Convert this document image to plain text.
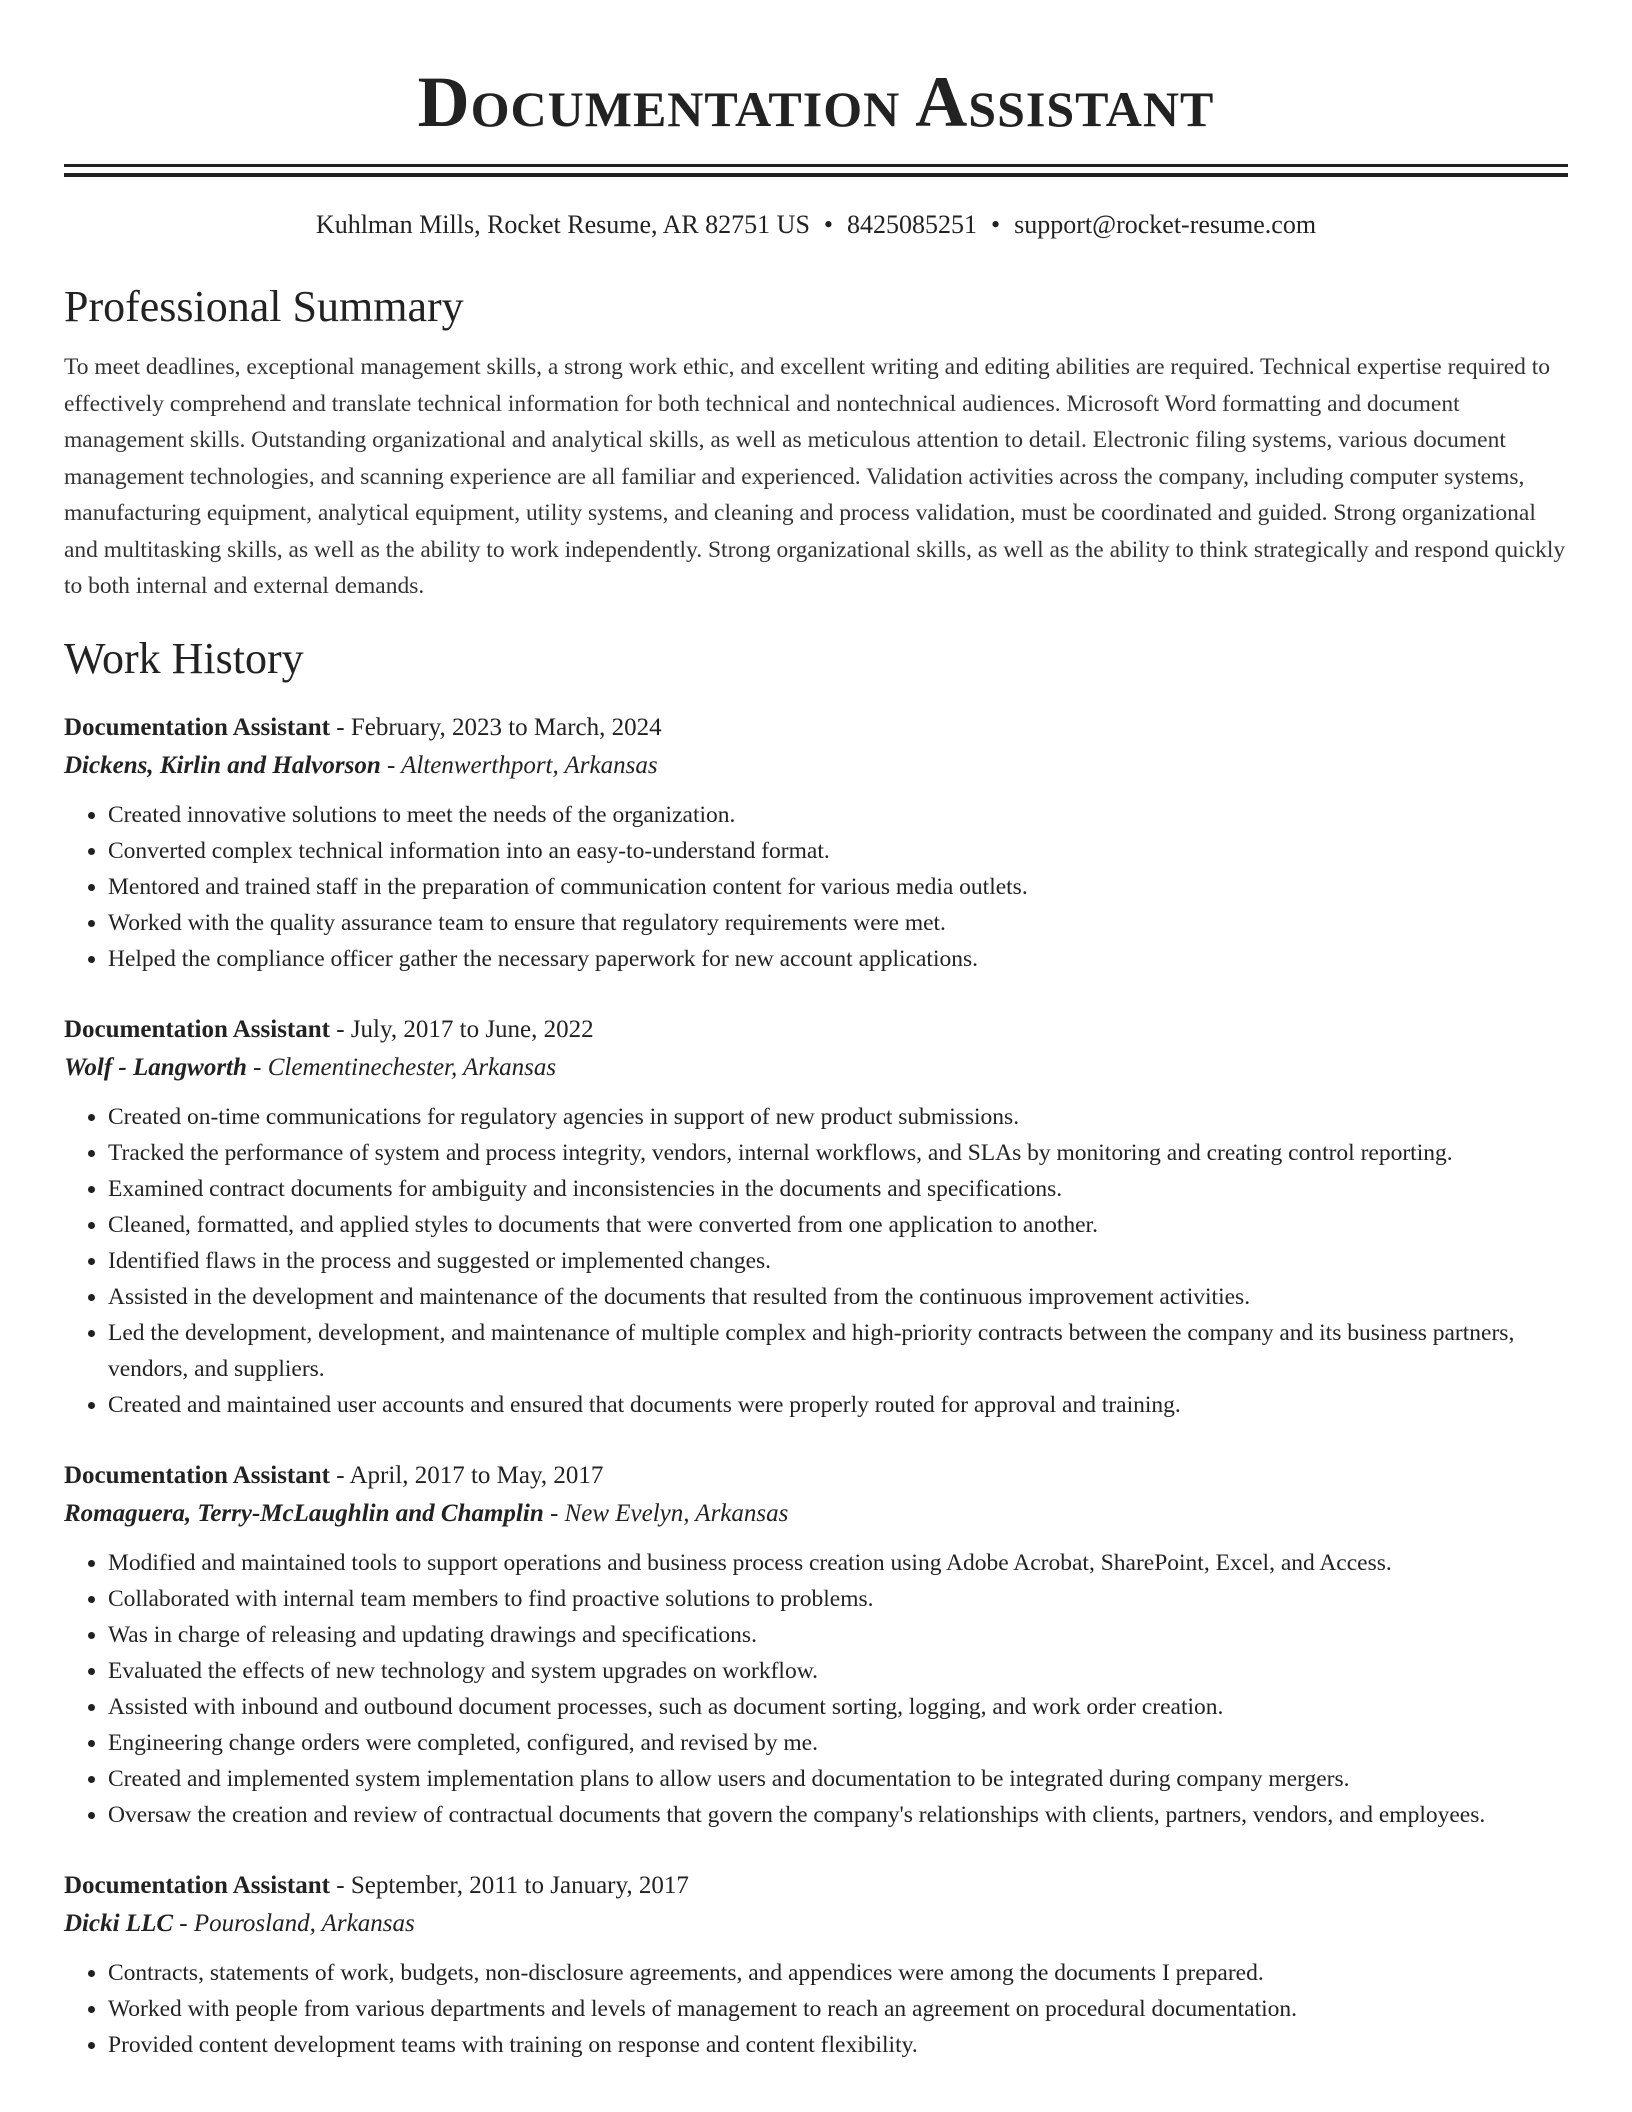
Documentation Assistant
Kuhlman Mills, Rocket Resume, AR 82751 US • 8425085251 • support@rocket-resume.com
Professional Summary
To meet deadlines, exceptional management skills, a strong work ethic, and excellent writing and editing abilities are required. Technical expertise required to effectively comprehend and translate technical information for both technical and nontechnical audiences. Microsoft Word formatting and document management skills. Outstanding organizational and analytical skills, as well as meticulous attention to detail. Electronic filing systems, various document management technologies, and scanning experience are all familiar and experienced. Validation activities across the company, including computer systems, manufacturing equipment, analytical equipment, utility systems, and cleaning and process validation, must be coordinated and guided. Strong organizational and multitasking skills, as well as the ability to work independently. Strong organizational skills, as well as the ability to think strategically and respond quickly to both internal and external demands.
Work History
Documentation Assistant - February, 2023 to March, 2024
Dickens, Kirlin and Halvorson - Altenwerthport, Arkansas
• Created innovative solutions to meet the needs of the organization.
• Converted complex technical information into an easy-to-understand format.
• Mentored and trained staff in the preparation of communication content for various media outlets.
• Worked with the quality assurance team to ensure that regulatory requirements were met.
• Helped the compliance officer gather the necessary paperwork for new account applications.
Documentation Assistant - July, 2017 to June, 2022
Wolf - Langworth - Clementinechester, Arkansas
• Created on-time communications for regulatory agencies in support of new product submissions.
• Tracked the performance of system and process integrity, vendors, internal workflows, and SLAs by monitoring and creating control reporting.
• Examined contract documents for ambiguity and inconsistencies in the documents and specifications.
• Cleaned, formatted, and applied styles to documents that were converted from one application to another.
• Identified flaws in the process and suggested or implemented changes.
• Assisted in the development and maintenance of the documents that resulted from the continuous improvement activities.
• Led the development, development, and maintenance of multiple complex and high-priority contracts between the company and its business partners, vendors, and suppliers.
• Created and maintained user accounts and ensured that documents were properly routed for approval and training.
Documentation Assistant - April, 2017 to May, 2017
Romaguera, Terry-McLaughlin and Champlin - New Evelyn, Arkansas
• Modified and maintained tools to support operations and business process creation using Adobe Acrobat, SharePoint, Excel, and Access.
• Collaborated with internal team members to find proactive solutions to problems.
• Was in charge of releasing and updating drawings and specifications.
• Evaluated the effects of new technology and system upgrades on workflow.
• Assisted with inbound and outbound document processes, such as document sorting, logging, and work order creation.
• Engineering change orders were completed, configured, and revised by me.
• Created and implemented system implementation plans to allow users and documentation to be integrated during company mergers.
• Oversaw the creation and review of contractual documents that govern the company's relationships with clients, partners, vendors, and employees.
Documentation Assistant - September, 2011 to January, 2017
Dicki LLC - Pourosland, Arkansas
• Contracts, statements of work, budgets, non-disclosure agreements, and appendices were among the documents I prepared.
• Worked with people from various departments and levels of management to reach an agreement on procedural documentation.
• Provided content development teams with training on response and content flexibility.
